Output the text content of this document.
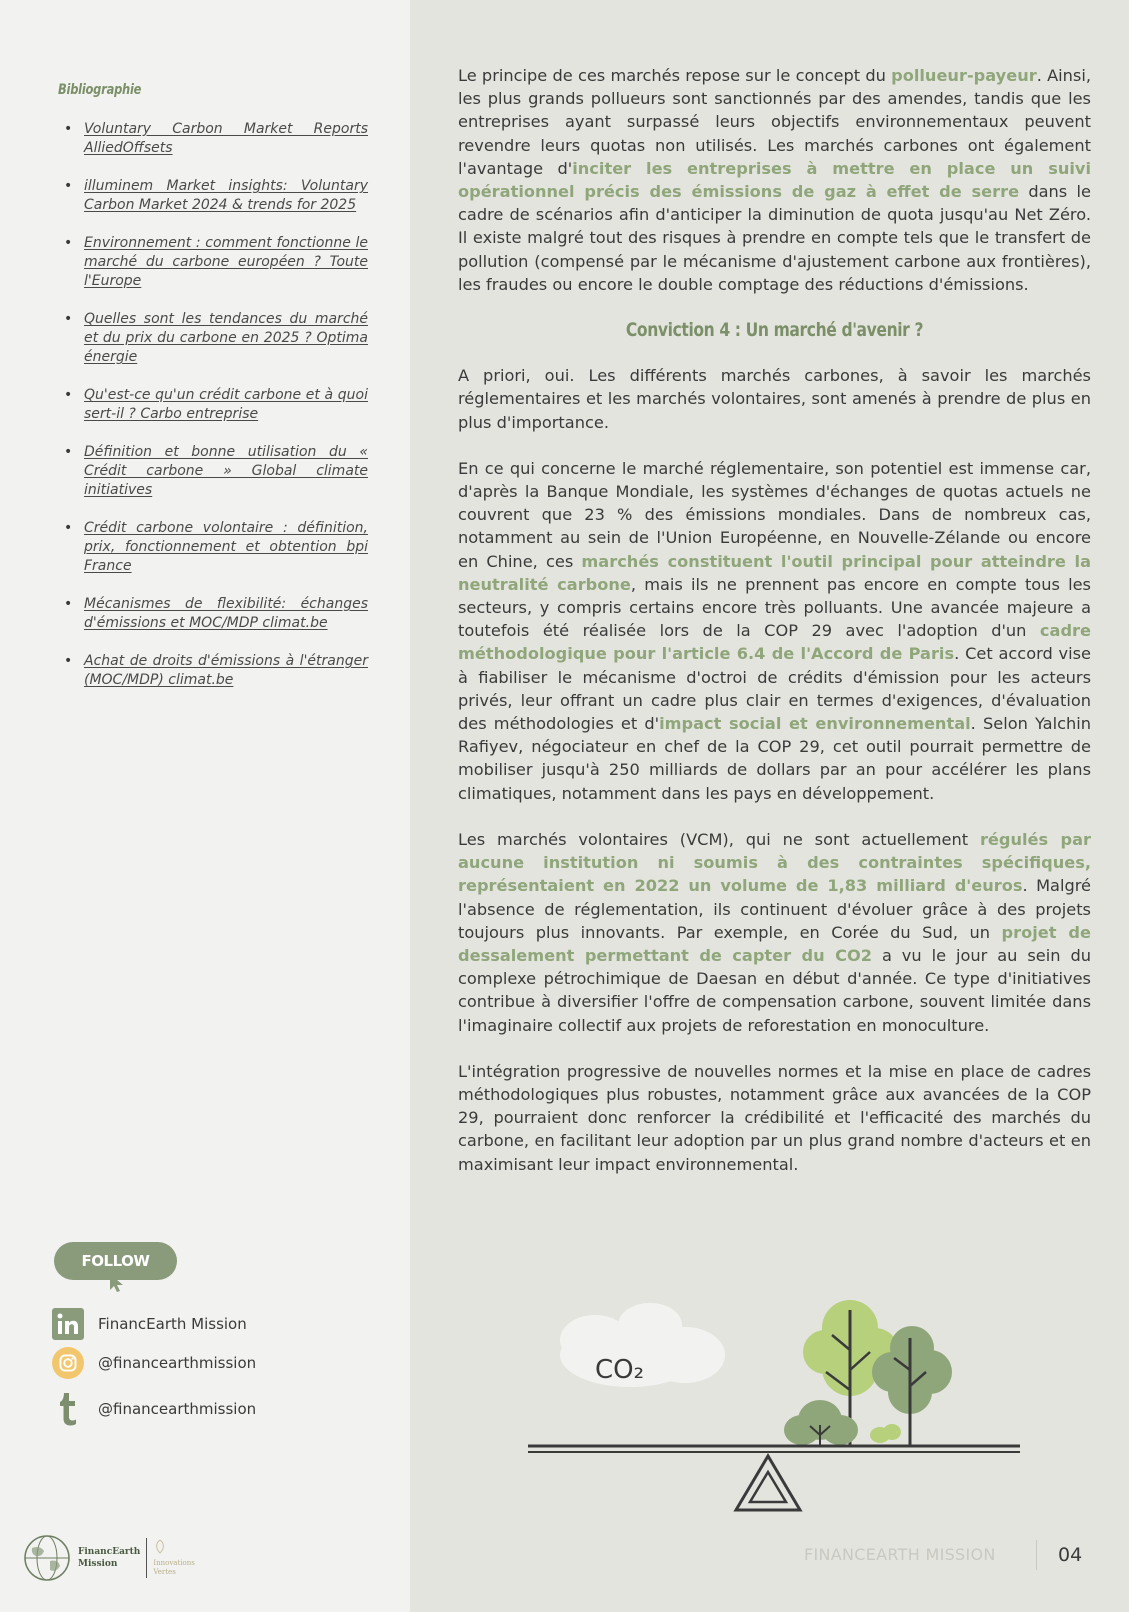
Bibliographie
• Voluntary Carbon Market Reports AlliedOffsets
• illuminem Market insights: Voluntary Carbon Market 2024 & trends for 2025
• Environnement : comment fonctionne le marché du carbone européen ? Toute l'Europe
• Quelles sont les tendances du marché et du prix du carbone en 2025 ? Optima énergie
• Qu'est-ce qu'un crédit carbone et à quoi sert-il ? Carbo entreprise
• Définition et bonne utilisation du « Crédit carbone » Global climate initiatives
• Crédit carbone volontaire : définition, prix, fonctionnement et obtention bpi France
• Mécanismes de flexibilité: échanges d'émissions et MOC/MDP climat.be
• Achat de droits d'émissions à l'étranger (MOC/MDP) climat.be
FOLLOW
FinancEarth Mission
@financearthmission
@financearthmission
FinancEarth
Mission	Innovations
Vertes

Le principe de ces marchés repose sur le concept du pollueur-payeur. Ainsi, les plus grands pollueurs sont sanctionnés par des amendes, tandis que les entreprises ayant surpassé leurs objectifs environnementaux peuvent revendre leurs quotas non utilisés. Les marchés carbones ont également l'avantage d'inciter les entreprises à mettre en place un suivi opérationnel précis des émissions de gaz à effet de serre dans le cadre de scénarios afin d'anticiper la diminution de quota jusqu'au Net Zéro. Il existe malgré tout des risques à prendre en compte tels que le transfert de pollution (compensé par le mécanisme d'ajustement carbone aux frontières), les fraudes ou encore le double comptage des réductions d'émissions.

Conviction 4 : Un marché d'avenir ?

A priori, oui. Les différents marchés carbones, à savoir les marchés réglementaires et les marchés volontaires, sont amenés à prendre de plus en plus d'importance.

En ce qui concerne le marché réglementaire, son potentiel est immense car, d'après la Banque Mondiale, les systèmes d'échanges de quotas actuels ne couvrent que 23 % des émissions mondiales. Dans de nombreux cas, notamment au sein de l'Union Européenne, en Nouvelle-Zélande ou encore en Chine, ces marchés constituent l'outil principal pour atteindre la neutralité carbone, mais ils ne prennent pas encore en compte tous les secteurs, y compris certains encore très polluants. Une avancée majeure a toutefois été réalisée lors de la COP 29 avec l'adoption d'un cadre méthodologique pour l'article 6.4 de l'Accord de Paris. Cet accord vise à fiabiliser le mécanisme d'octroi de crédits d'émission pour les acteurs privés, leur offrant un cadre plus clair en termes d'exigences, d'évaluation des méthodologies et d'impact social et environnemental. Selon Yalchin Rafiyev, négociateur en chef de la COP 29, cet outil pourrait permettre de mobiliser jusqu'à 250 milliards de dollars par an pour accélérer les plans climatiques, notamment dans les pays en développement.

Les marchés volontaires (VCM), qui ne sont actuellement régulés par aucune institution ni soumis à des contraintes spécifiques, représentaient en 2022 un volume de 1,83 milliard d'euros. Malgré l'absence de réglementation, ils continuent d'évoluer grâce à des projets toujours plus innovants. Par exemple, en Corée du Sud, un projet de dessalement permettant de capter du CO2 a vu le jour au sein du complexe pétrochimique de Daesan en début d'année. Ce type d'initiatives contribue à diversifier l'offre de compensation carbone, souvent limitée dans l'imaginaire collectif aux projets de reforestation en monoculture.

L'intégration progressive de nouvelles normes et la mise en place de cadres méthodologiques plus robustes, notamment grâce aux avancées de la COP 29, pourraient donc renforcer la crédibilité et l'efficacité des marchés du carbone, en facilitant leur adoption par un plus grand nombre d'acteurs et en maximisant leur impact environnemental.

CO₂
FINANCEARTH MISSION	04
